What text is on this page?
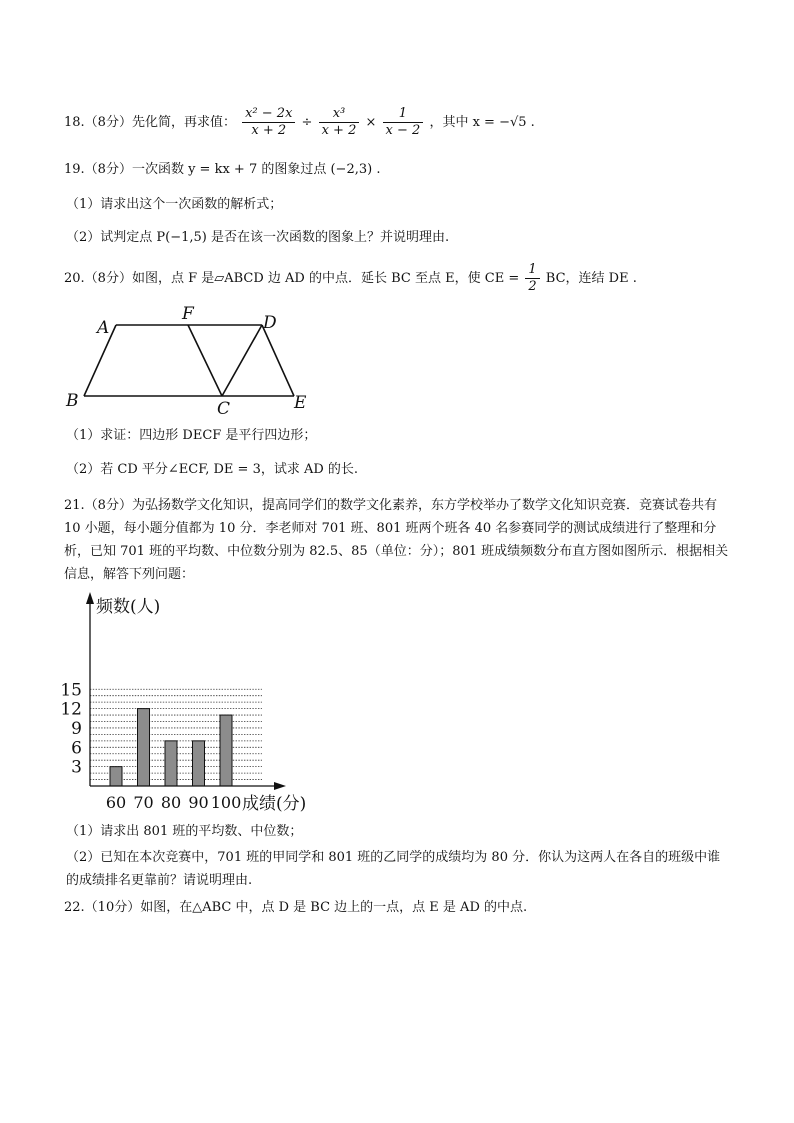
18.（8分）先化简，再求值： $\frac{\text{x² − 2x}}{x + 2} \div \frac{\text{x³}}{x + 2} \times \frac{1}{x - 2}$ ，其中 x = −√5 .
19.（8分）一次函数 y = kx + 7 的图象过点 (−2,3) .
（1）请求出这个一次函数的解析式；
（2）试判定点 P(−1,5) 是否在该一次函数的图象上？并说明理由.
20.（8分）如图，点 F 是▱ABCD 边 AD 的中点．延长 BC 至点 E，使 CE = $\frac{1}{2}$ BC，连结 DE .
A
F	D
B	C	E
（1）求证：四边形 DECF 是平行四边形；
（2）若 CD 平分∠ECF, DE = 3，试求 AD 的长.
21.（8分）为弘扬数学文化知识，提高同学们的数学文化素养，东方学校举办了数学文化知识竞赛．竞赛试卷共有 10 小题，每小题分值都为 10 分．李老师对 701 班、801 班两个班各 40 名参赛同学的测试成绩进行了整理和分析，已知 701 班的平均数、中位数分别为 82.5、85（单位：分）；801 班成绩频数分布直方图如图所示．根据相关信息，解答下列问题：
60 70 80 90 100
3
6
9
12
15
频数(人)
成绩(分)
（1）请求出 801 班的平均数、中位数；
（2）已知在本次竞赛中，701 班的甲同学和 801 班的乙同学的成绩均为 80 分．你认为这两人在各自的班级中谁的成绩排名更靠前？请说明理由.
22.（10分）如图，在△ABC 中，点 D 是 BC 边上的一点，点 E 是 AD 的中点.
